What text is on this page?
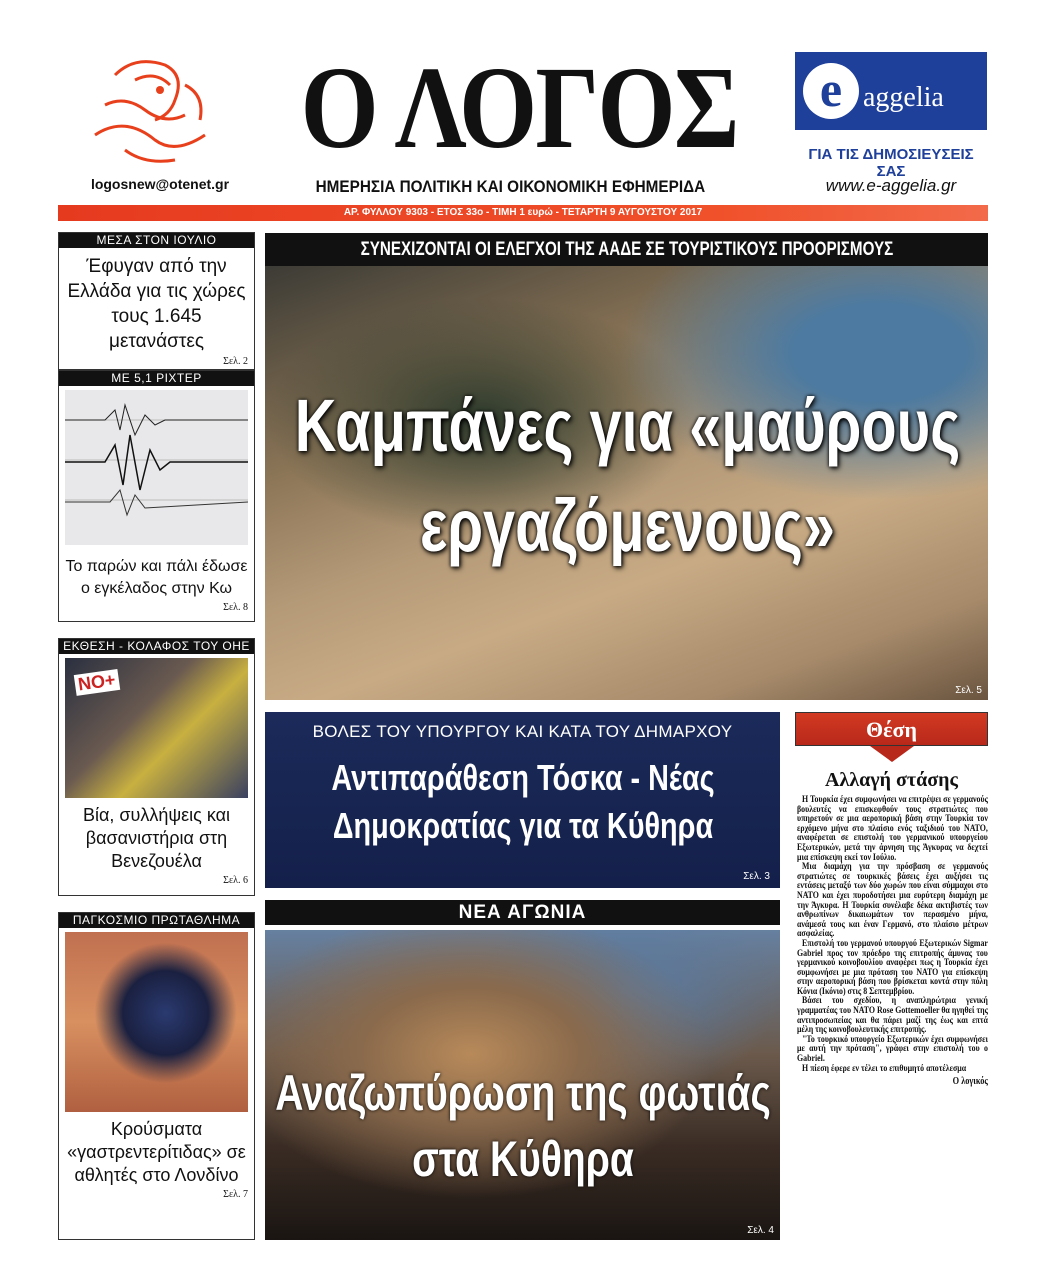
logosnew@otenet.gr
Ο ΛΟΓΟΣ
ΗΜΕΡΗΣΙΑ ΠΟΛΙΤΙΚΗ ΚΑΙ ΟΙΚΟΝΟΜΙΚΗ ΕΦΗΜΕΡΙΔΑ
e aggelia
ΓΙΑ ΤΙΣ ΔΗΜΟΣΙΕΥΣΕΙΣ ΣΑΣ
www.e-aggelia.gr
ΑΡ. ΦΥΛΛΟΥ 9303 - ΕΤΟΣ 33ο - ΤΙΜΗ 1 ευρώ - ΤΕΤΑΡΤΗ 9 ΑΥΓΟΥΣΤΟΥ 2017
ΜΕΣΑ ΣΤΟΝ ΙΟΥΛΙΟ
Έφυγαν από την Ελλάδα για τις χώρες τους 1.645 μετανάστες
Σελ. 2
ΜΕ 5,1 ΡΙΧΤΕΡ
Το παρών και πάλι έδωσε ο εγκέλαδος στην Κω
Σελ. 8
ΕΚΘΕΣΗ - ΚΟΛΑΦΟΣ ΤΟΥ ΟΗΕ
NO+
Βία, συλλήψεις και βασανιστήρια στη Βενεζουέλα
Σελ. 6
ΠΑΓΚΟΣΜΙΟ ΠΡΩΤΑΘΛΗΜΑ
Κρούσματα «γαστρεντερίτιδας» σε αθλητές στο Λονδίνο
Σελ. 7
Καμπάνες για «μαύρους εργαζόμενους»
Σελ. 5
ΣΥΝΕΧΙΖΟΝΤΑΙ ΟΙ ΕΛΕΓΧΟΙ ΤΗΣ ΑΑΔΕ ΣΕ ΤΟΥΡΙΣΤΙΚΟΥΣ ΠΡΟΟΡΙΣΜΟΥΣ
ΒΟΛΕΣ ΤΟΥ ΥΠΟΥΡΓΟΥ ΚΑΙ ΚΑΤΑ ΤΟΥ ΔΗΜΑΡΧΟΥ
Αντιπαράθεση Τόσκα - Νέας Δημοκρατίας για τα Κύθηρα
Σελ. 3
ΝΕΑ ΑΓΩΝΙΑ
Αναζωπύρωση της φωτιάς στα Κύθηρα
Σελ. 4
Θέση
Αλλαγή στάσης

Η Τουρκία έχει συμφωνήσει να επιτρέψει σε γερμανούς βουλευτές να επισκεφθούν τους στρατιώτες που υπηρετούν σε μια αεροπορική βάση στην Τουρκία τον ερχόμενο μήνα στο πλαίσιο ενός ταξιδιού του ΝΑΤΟ, αναφέρεται σε επιστολή του γερμανικού υπουργείου Εξωτερικών, μετά την άρνηση της Άγκυρας να δεχτεί μια επίσκεψη εκεί τον Ιούλιο.

Μια διαμάχη για την πρόσβαση σε γερμανούς στρατιώτες σε τουρκικές βάσεις έχει αυξήσει τις εντάσεις μεταξύ των δύο χωρών που είναι σύμμαχοι στο ΝΑΤΟ και έχει πυροδοτήσει μια ευρύτερη διαμάχη με την Άγκυρα. Η Τουρκία συνέλαβε δέκα ακτιβιστές των ανθρωπίνων δικαιωμάτων τον περασμένο μήνα, ανάμεσά τους και έναν Γερμανό, στο πλαίσιο μέτρων ασφαλείας.

Επιστολή του γερμανού υπουργού Εξωτερικών Sigmar Gabriel προς τον πρόεδρο της επιτροπής άμυνας του γερμανικού κοινοβουλίου αναφέρει πως η Τουρκία έχει συμφωνήσει με μια πρόταση του ΝΑΤΟ για επίσκεψη στην αεροπορική βάση που βρίσκεται κοντά στην πόλη Κόνια (Ικόνιο) στις 8 Σεπτεμβρίου.

Βάσει του σχεδίου, η αναπληρώτρια γενική γραμματέας του ΝΑΤΟ Rose Gottemoeller θα ηγηθεί της αντιπροσωπείας και θα πάρει μαζί της έως και επτά μέλη της κοινοβουλευτικής επιτροπής.

"Το τουρκικό υπουργείο Εξωτερικών έχει συμφωνήσει με αυτή την πρόταση", γράφει στην επιστολή του ο Gabriel.

Η πίεση έφερε εν τέλει το επιθυμητό αποτέλεσμα

Ο λογικός
